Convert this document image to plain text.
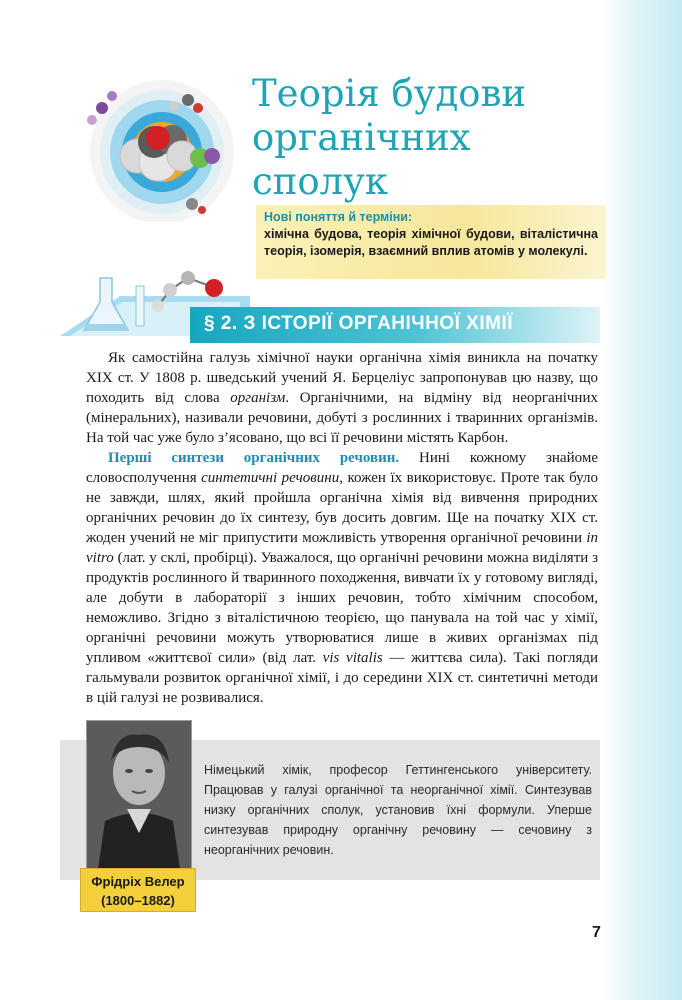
Теорія будови
органічних
сполук
Нові поняття й терміни:
хімічна будова, теорія хімічної будови, віталістична теорія, ізомерія, взаємний вплив атомів у молекулі.
§ 2. З ІСТОРІЇ ОРГАНІЧНОЇ ХІМІЇ

Як самостійна галузь хімічної науки органічна хімія виникла на початку XIX ст. У 1808 р. шведський учений Я. Берцеліус запропонував цю назву, що походить від слова організм. Органічними, на відміну від неорганічних (мінеральних), називали речовини, добуті з рослинних і тваринних організмів. На той час уже було з’ясовано, що всі її речовини містять Карбон.

Перші синтези органічних речовин. Нині кожному знайоме словосполучення синтетичні речовини, кожен їх використовує. Проте так було не завжди, шлях, який пройшла органічна хімія від вивчення природних органічних речовин до їх синтезу, був досить довгим. Ще на початку XIX ст. жоден учений не міг припустити можливість утворення органічної речовини in vitro (лат. у склі, пробірці). Уважалося, що органічні речовини можна виділяти з продуктів рослинного й тваринного походження, вивчати їх у готовому вигляді, але добути в лабораторії з інших речовин, тобто хімічним способом, неможливо. Згідно з віталістичною теорією, що панувала на той час у хімії, органічні речовини можуть утворюватися лише в живих організмах під упливом «життєвої сили» (від лат. vis vitalis — життєва сила). Такі погляди гальмували розвиток органічної хімії, і до середини XIX ст. синтетичні методи в цій галузі не розвивалися.

Німецький хімік, професор Геттингенського університету. Працював у галузі органічної та неорганічної хімії. Синтезував низку органічних сполук, установив їхні формули. Уперше синтезував природну органічну речовину — сечовину з неорганічних речовин.

Фрідріх Велер
(1800–1882)
7
